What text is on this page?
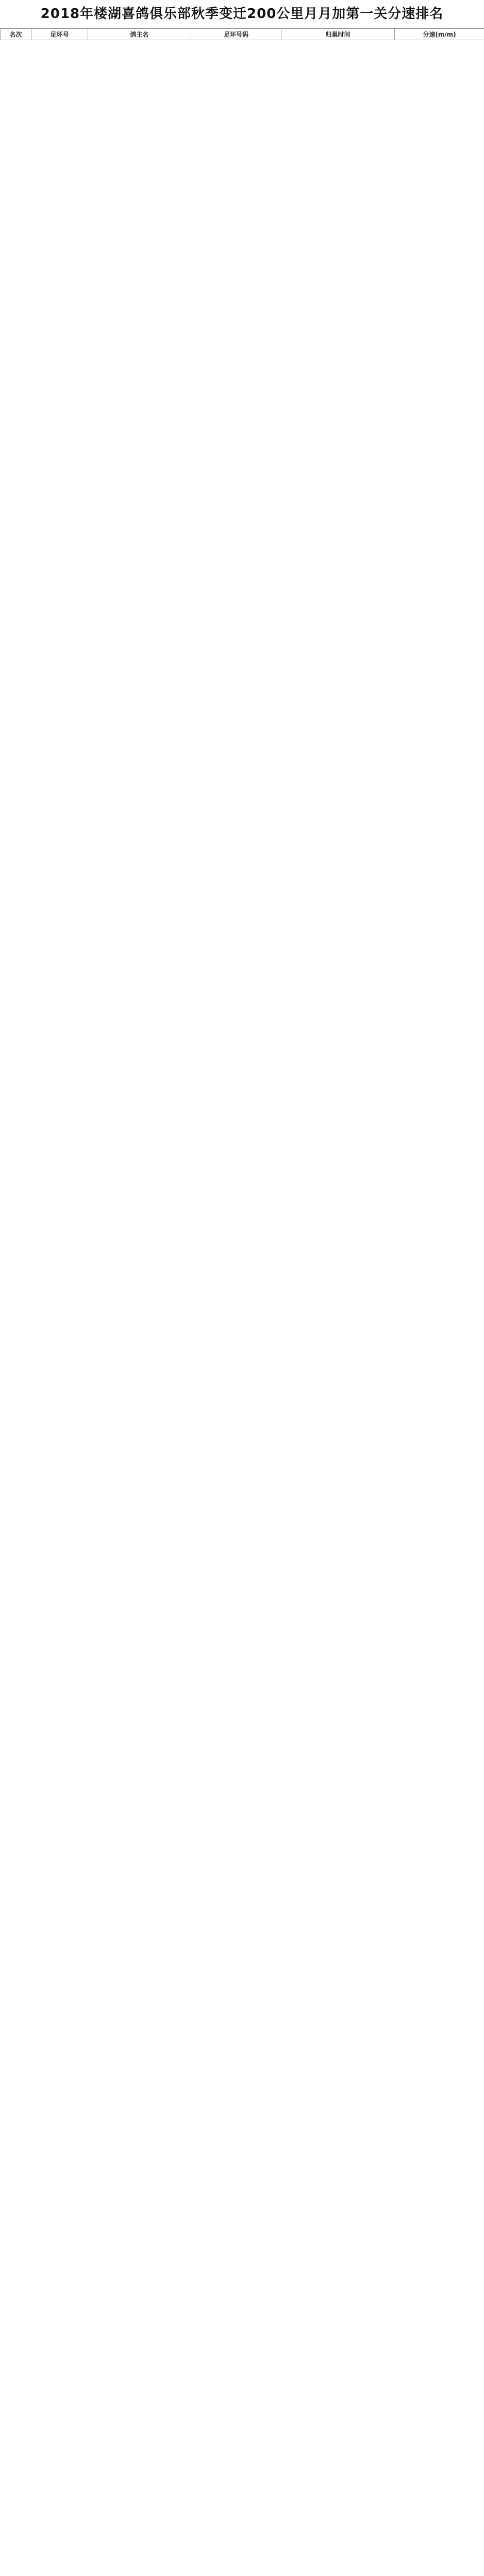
2018年楼湖喜鸽俱乐部秋季变迁200公里月月加第一关分速排名
名次	足环号	鸽主名	足环号码	归巢时间	分速(m/m)
